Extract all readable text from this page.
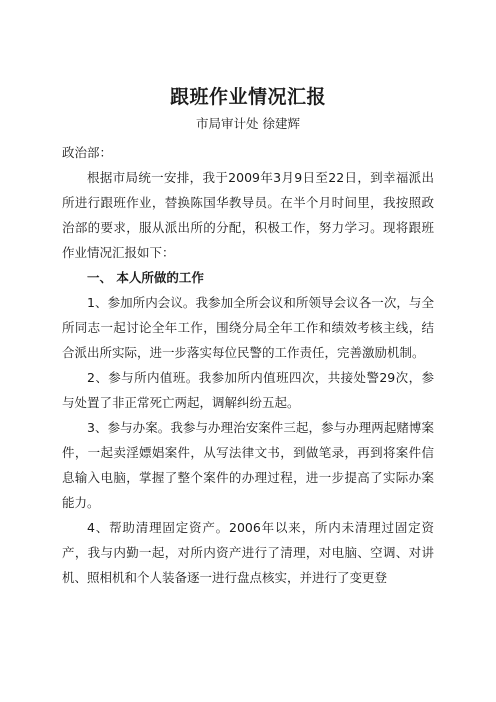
跟班作业情况汇报
市局审计处 徐建辉

政治部：

根据市局统一安排，我于2009年3月9日至22日，到幸福派出所进行跟班作业，替换陈国华教导员。在半个月时间里，我按照政治部的要求，服从派出所的分配，积极工作，努力学习。现将跟班作业情况汇报如下：

一、 本人所做的工作

1、参加所内会议。我参加全所会议和所领导会议各一次，与全所同志一起讨论全年工作，围绕分局全年工作和绩效考核主线，结合派出所实际，进一步落实每位民警的工作责任，完善激励机制。

2、参与所内值班。我参加所内值班四次，共接处警29次，参与处置了非正常死亡两起，调解纠纷五起。

3、参与办案。我参与办理治安案件三起，参与办理两起赌博案件，一起卖淫嫖娼案件，从写法律文书，到做笔录，再到将案件信息输入电脑，掌握了整个案件的办理过程，进一步提高了实际办案能力。

4、帮助清理固定资产。2006年以来，所内未清理过固定资产，我与内勤一起，对所内资产进行了清理，对电脑、空调、对讲机、照相机和个人装备逐一进行盘点核实，并进行了变更登
